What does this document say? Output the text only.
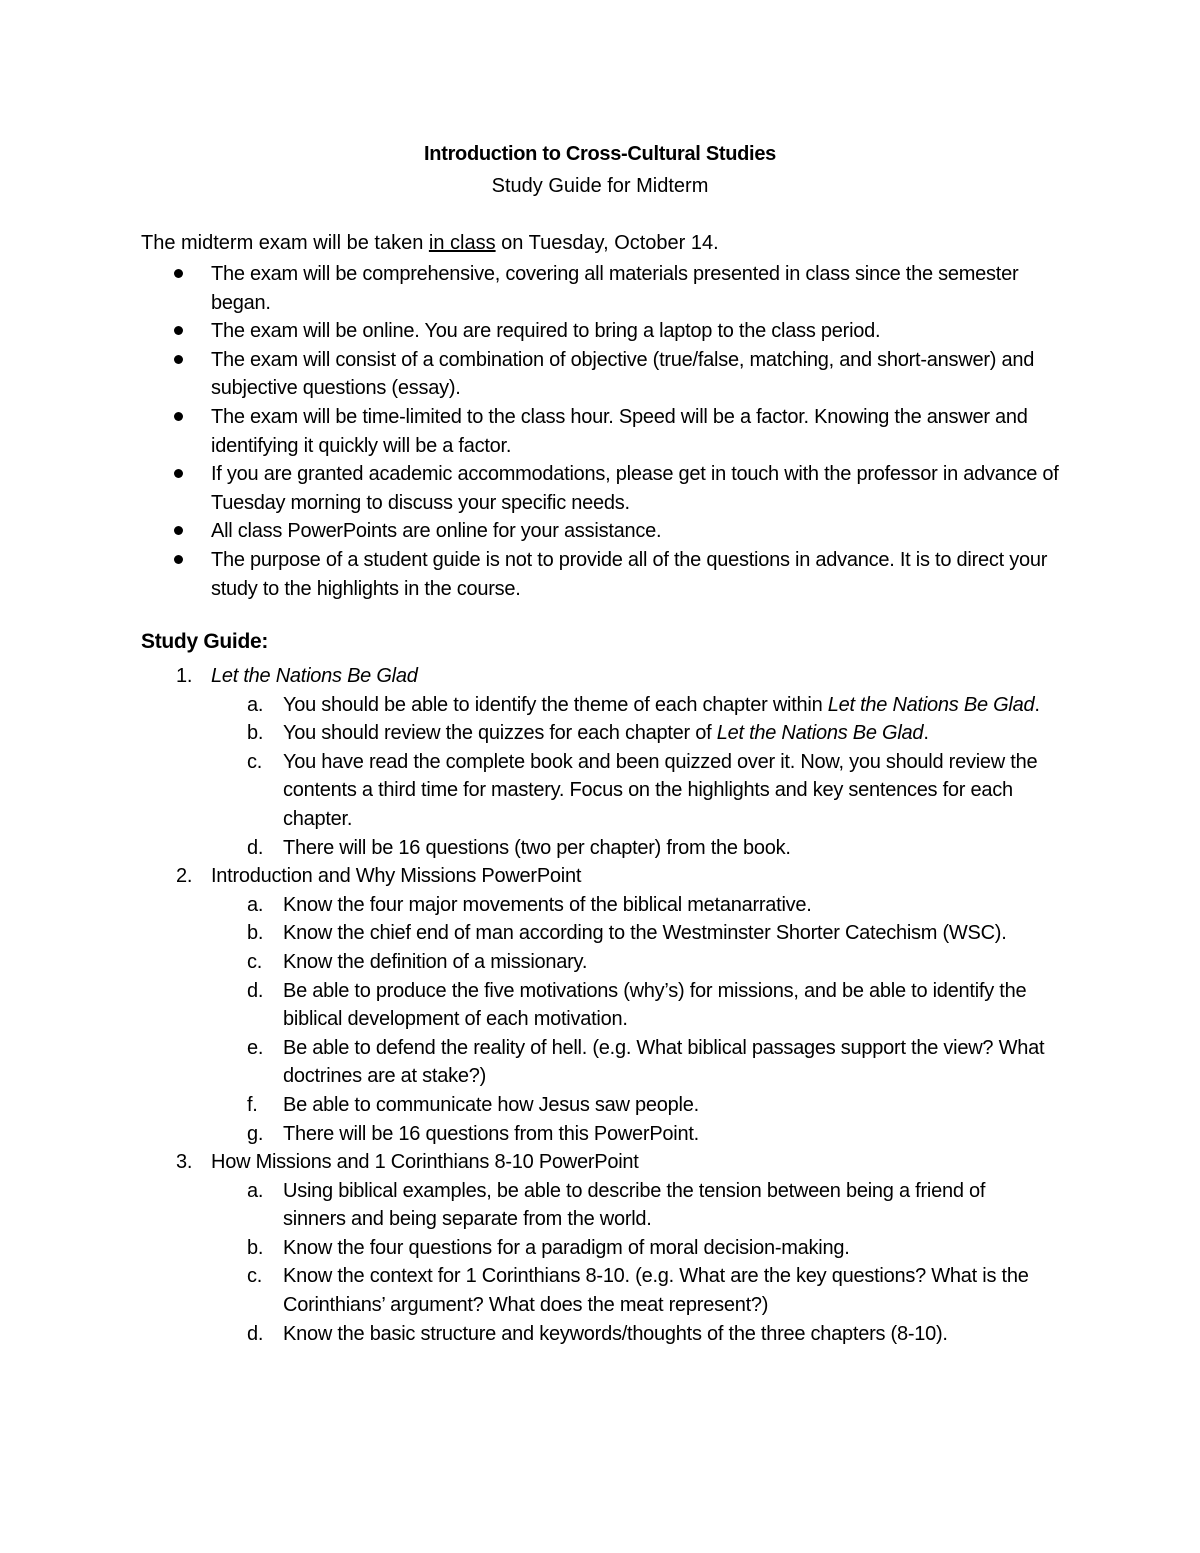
Introduction to Cross-Cultural Studies
Study Guide for Midterm
The midterm exam will be taken in class on Tuesday, October 14.
The exam will be comprehensive, covering all materials presented in class since the semester began.
The exam will be online. You are required to bring a laptop to the class period.
The exam will consist of a combination of objective (true/false, matching, and short-answer) and subjective questions (essay).
The exam will be time-limited to the class hour. Speed will be a factor. Knowing the answer and identifying it quickly will be a factor.
If you are granted academic accommodations, please get in touch with the professor in advance of Tuesday morning to discuss your specific needs.
All class PowerPoints are online for your assistance.
The purpose of a student guide is not to provide all of the questions in advance. It is to direct your study to the highlights in the course.
Study Guide:
1. Let the Nations Be Glad
a. You should be able to identify the theme of each chapter within Let the Nations Be Glad.
b. You should review the quizzes for each chapter of Let the Nations Be Glad.
c. You have read the complete book and been quizzed over it. Now, you should review the contents a third time for mastery. Focus on the highlights and key sentences for each chapter.
d. There will be 16 questions (two per chapter) from the book.
2. Introduction and Why Missions PowerPoint
a. Know the four major movements of the biblical metanarrative.
b. Know the chief end of man according to the Westminster Shorter Catechism (WSC).
c. Know the definition of a missionary.
d. Be able to produce the five motivations (why’s) for missions, and be able to identify the biblical development of each motivation.
e. Be able to defend the reality of hell. (e.g. What biblical passages support the view? What doctrines are at stake?)
f. Be able to communicate how Jesus saw people.
g. There will be 16 questions from this PowerPoint.
3. How Missions and 1 Corinthians 8-10 PowerPoint
a. Using biblical examples, be able to describe the tension between being a friend of sinners and being separate from the world.
b. Know the four questions for a paradigm of moral decision-making.
c. Know the context for 1 Corinthians 8-10. (e.g. What are the key questions? What is the Corinthians’ argument? What does the meat represent?)
d. Know the basic structure and keywords/thoughts of the three chapters (8-10).
